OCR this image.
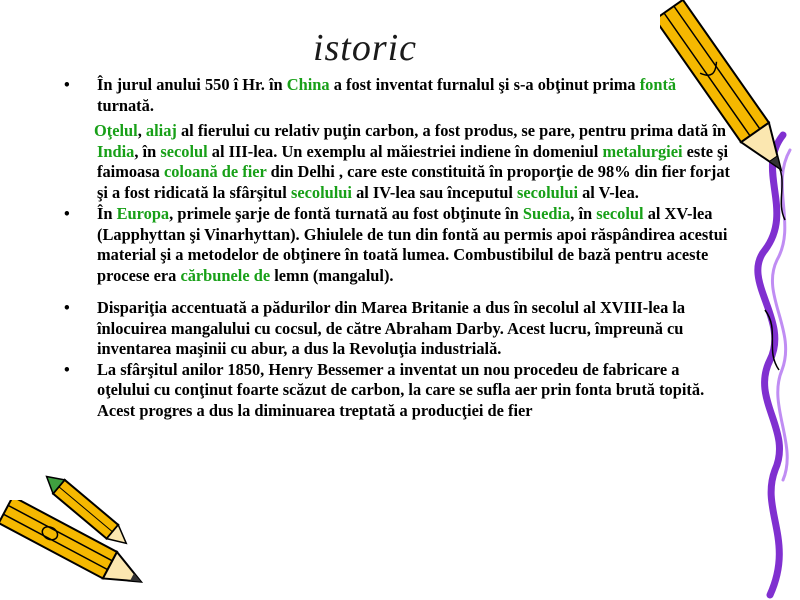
istoric

•	În jurul anului 550 î Hr. în China a fost inventat furnalul şi s-a obţinut prima fontă turnată.

Oţelul, aliaj al fierului cu relativ puţin carbon, a fost produs, se pare, pentru prima dată în India, în secolul al III-lea. Un exemplu al măiestriei indiene în domeniul metalurgiei este şi faimoasa coloană de fier din Delhi , care este constituită în proporţie de 98% din fier forjat şi a fost ridicată la sfârşitul secolului al IV-lea sau începutul secolului al V-lea.

•	În Europa, primele şarje de fontă turnată au fost obţinute în Suedia, în secolul al XV-lea (Lapphyttan şi Vinarhyttan). Ghiulele de tun din fontă au permis apoi răspândirea acestui material şi a metodelor de obţinere în toată lumea. Combustibilul de bază pentru aceste procese era cărbunele de lemn (mangalul).

•	Dispariţia accentuată a pădurilor din Marea Britanie a dus în secolul al XVIII-lea la înlocuirea mangalului cu cocsul, de către Abraham Darby. Acest lucru, împreună cu inventarea maşinii cu abur, a dus la Revoluţia industrială.

•	La sfârşitul anilor 1850, Henry Bessemer a inventat un nou procedeu de fabricare a oţelului cu conţinut foarte scăzut de carbon, la care se sufla aer prin fonta brută topită. Acest progres a dus la diminuarea treptată a producţiei de fier
